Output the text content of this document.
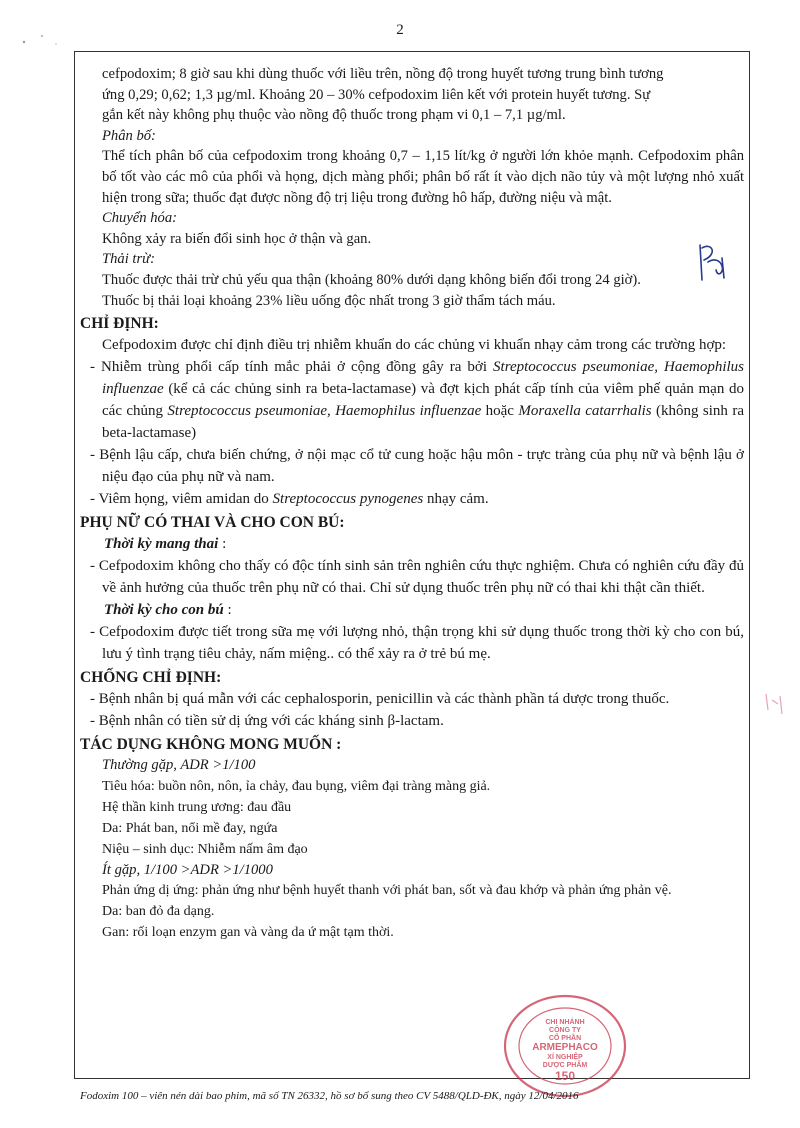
2

cefpodoxim; 8 giờ sau khi dùng thuốc với liều trên, nồng độ trong huyết tương trung bình tương

ứng 0,29; 0,62; 1,3 µg/ml. Khoảng 20 – 30% cefpodoxim liên kết với protein huyết tương. Sự

gắn kết này không phụ thuộc vào nồng độ thuốc trong phạm vi 0,1 – 7,1 µg/ml.

Phân bố:

Thể tích phân bố của cefpodoxim trong khoảng 0,7 – 1,15 lít/kg ở người lớn khỏe mạnh. Cefpodoxim phân bố tốt vào các mô của phổi và họng, dịch màng phổi; phân bố rất ít vào dịch não tủy và một lượng nhỏ xuất hiện trong sữa; thuốc đạt được nồng độ trị liệu trong đường hô hấp, đường niệu và mật.

Chuyển hóa:

Không xảy ra biến đổi sinh học ở thận và gan.

Thải trừ:

Thuốc được thải trừ chủ yếu qua thận (khoảng 80% dưới dạng không biến đổi trong 24 giờ).

Thuốc bị thải loại khoảng 23% liều uống độc nhất trong 3 giờ thẩm tách máu.

CHỈ ĐỊNH:

Cefpodoxim được chỉ định điều trị nhiễm khuẩn do các chủng vi khuẩn nhạy cảm trong các trường hợp:

- Nhiễm trùng phổi cấp tính mắc phải ở cộng đồng gây ra bởi Streptococcus pseumoniae, Haemophilus influenzae (kể cả các chủng sinh ra beta-lactamase) và đợt kịch phát cấp tính của viêm phế quản mạn do các chủng Streptococcus pseumoniae, Haemophilus influenzae hoặc Moraxella catarrhalis (không sinh ra beta-lactamase)

- Bệnh lậu cấp, chưa biến chứng, ở nội mạc cổ tử cung hoặc hậu môn - trực tràng của phụ nữ và bệnh lậu ở niệu đạo của phụ nữ và nam.

- Viêm họng, viêm amidan do Streptococcus pynogenes nhạy cảm.

PHỤ NỮ CÓ THAI VÀ CHO CON BÚ:

Thời kỳ mang thai :

- Cefpodoxim không cho thấy có độc tính sinh sản trên nghiên cứu thực nghiệm. Chưa có nghiên cứu đầy đủ về ảnh hưởng của thuốc trên phụ nữ có thai. Chỉ sử dụng thuốc trên phụ nữ có thai khi thật cần thiết.

Thời kỳ cho con bú :

- Cefpodoxim được tiết trong sữa mẹ với lượng nhỏ, thận trọng khi sử dụng thuốc trong thời kỳ cho con bú, lưu ý tình trạng tiêu chảy, nấm miệng.. có thể xảy ra ở trẻ bú mẹ.

CHỐNG CHỈ ĐỊNH:

- Bệnh nhân bị quá mẫn với các cephalosporin, penicillin và các thành phần tá dược trong thuốc.

- Bệnh nhân có tiền sử dị ứng với các kháng sinh β-lactam.

TÁC DỤNG KHÔNG MONG MUỐN :

Thường gặp, ADR >1/100

Tiêu hóa: buồn nôn, nôn, ỉa chảy, đau bụng, viêm đại tràng màng giả.

Hệ thần kinh trung ương: đau đầu

Da: Phát ban, nổi mề đay, ngứa

Niệu – sinh dục: Nhiễm nấm âm đạo

Ít gặp, 1/100 >ADR >1/1000

Phản ứng dị ứng: phản ứng như bệnh huyết thanh với phát ban, sốt và đau khớp và phản ứng phản vệ.

Da: ban đỏ đa dạng.

Gan: rối loạn enzym gan và vàng da ứ mật tạm thời.

CHI NHÁNH
CÔNG TY
CỔ PHẦN
ARMEPHACO
XÍ NGHIỆP
DƯỢC PHẨM
150
Fodoxim 100 – viên nén dài bao phim, mã số TN 26332, hồ sơ bổ sung theo CV 5488/QLD-ĐK, ngày 12/04/2016
